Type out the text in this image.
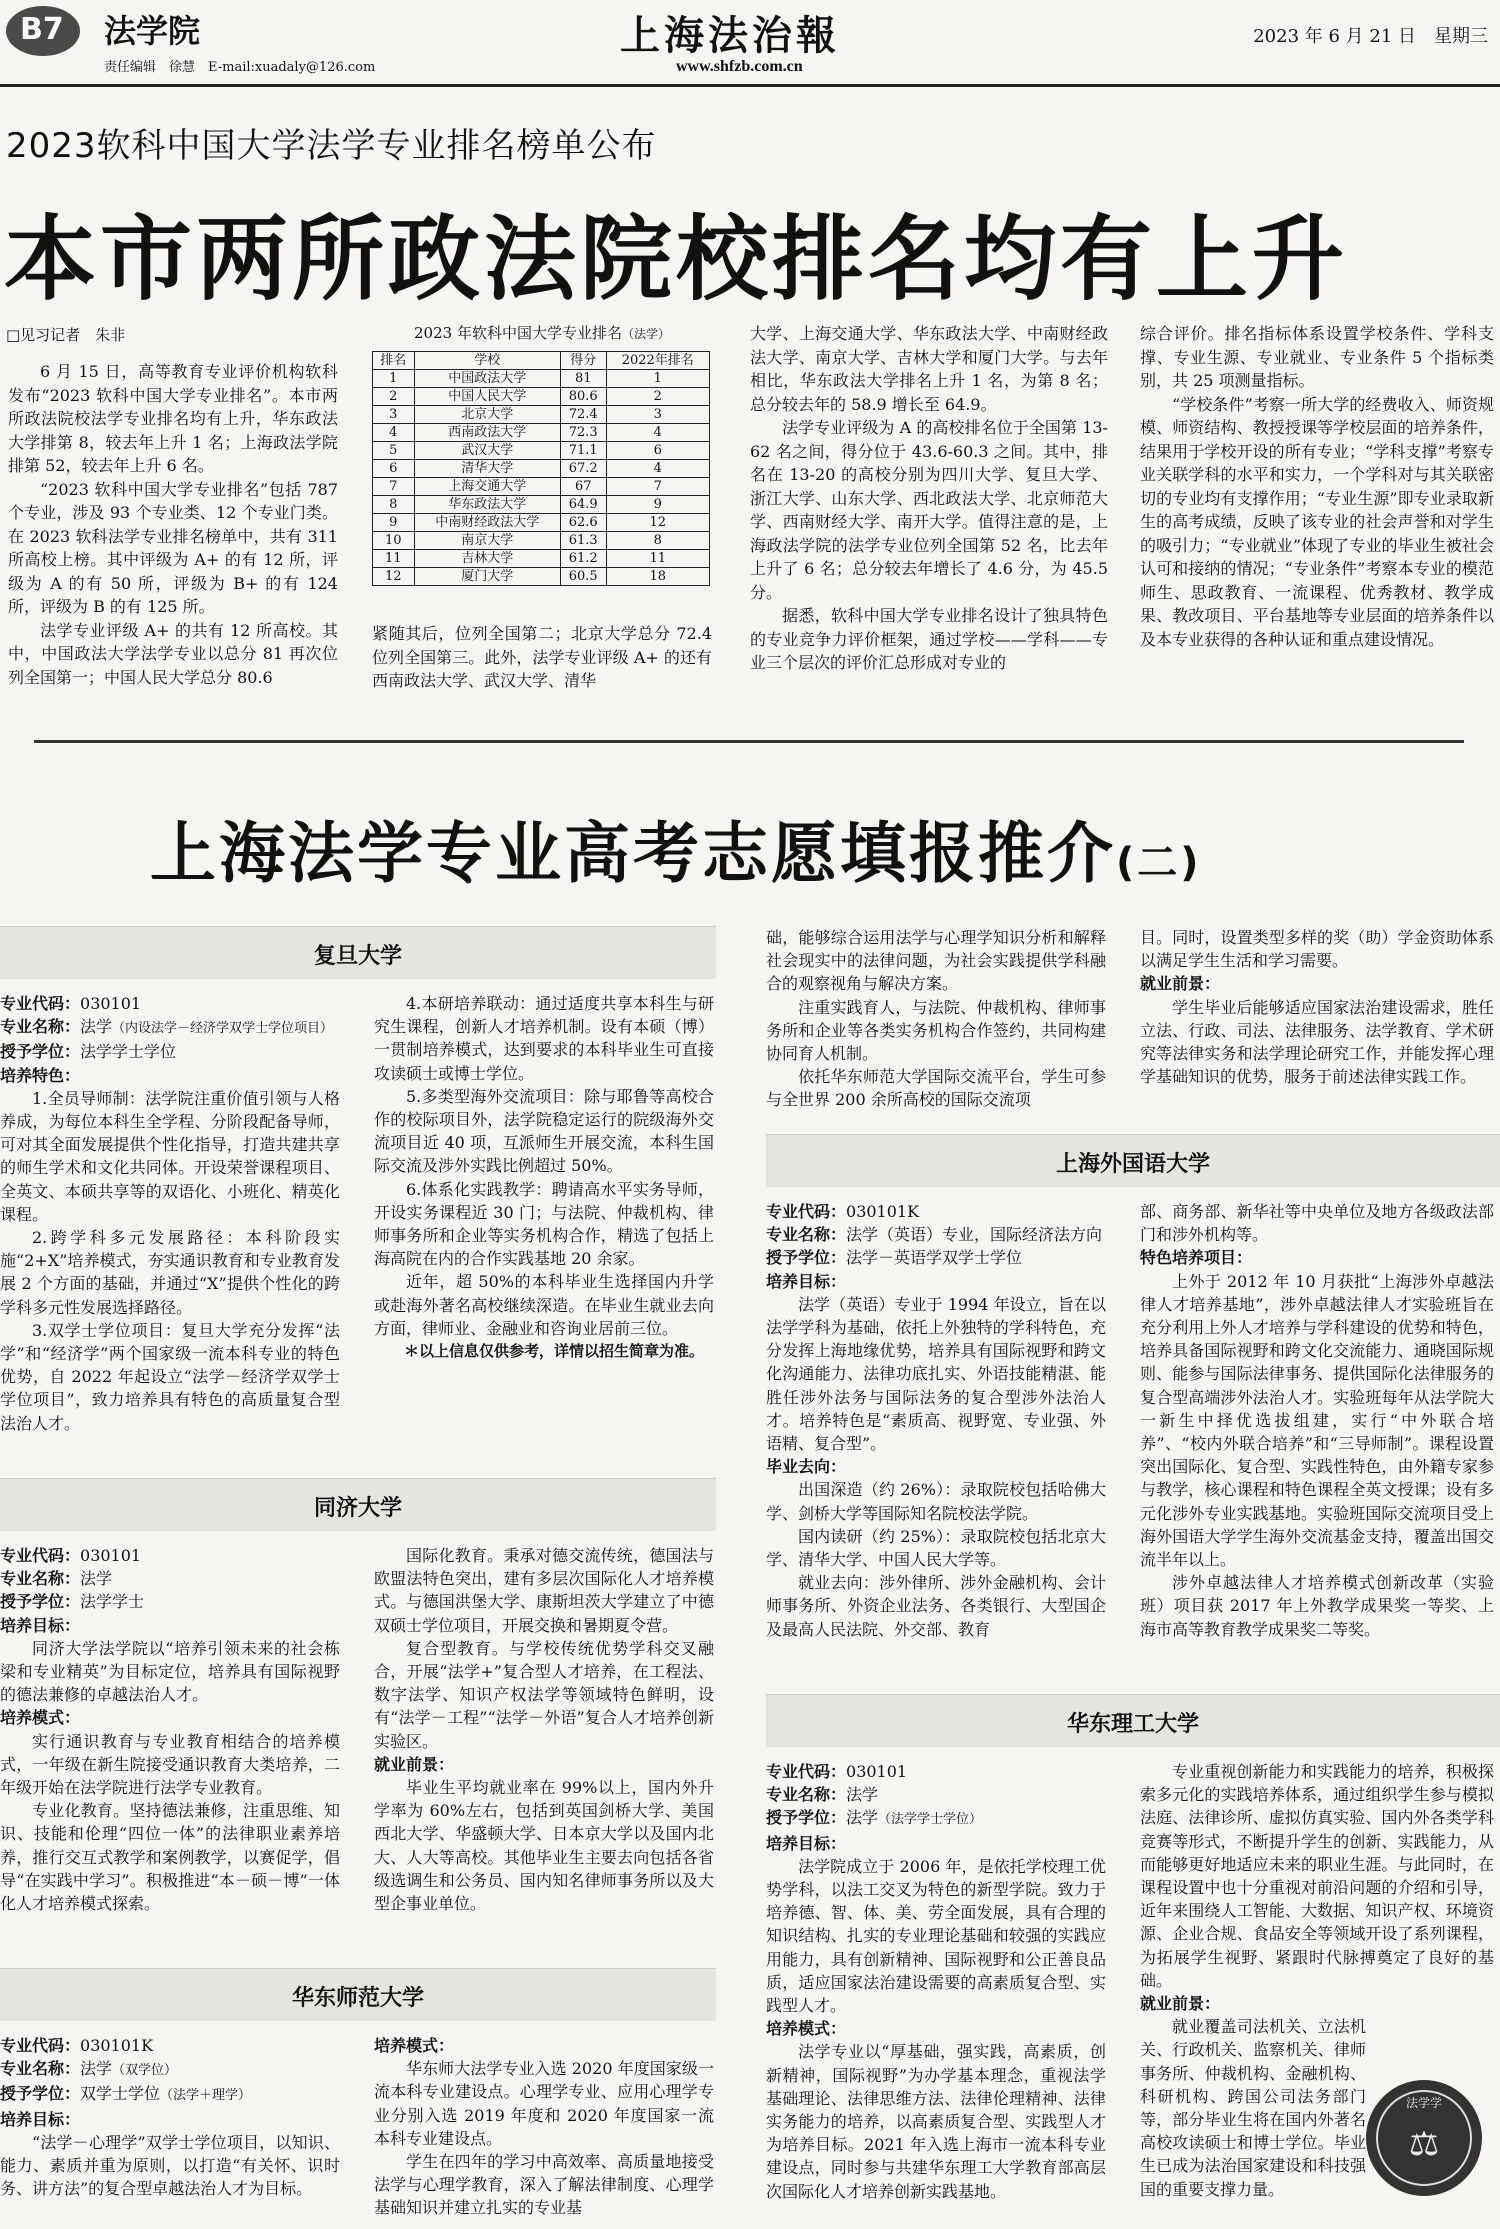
B7 法学院
责任编辑　徐慧　E-mail:xuadaly@126.com
上海法治報
www.shfzb.com.cn
2023 年 6 月 21 日　星期三
2023软科中国大学法学专业排名榜单公布
本市两所政法院校排名均有上升
□见习记者　朱非

6 月 15 日，高等教育专业评价机构软科发布“2023 软科中国大学专业排名”。本市两所政法院校法学专业排名均有上升，华东政法大学排第 8，较去年上升 1 名；上海政法学院排第 52，较去年上升 6 名。

“2023 软科中国大学专业排名”包括 787 个专业，涉及 93 个专业类、12 个专业门类。在 2023 软科法学专业排名榜单中，共有 311 所高校上榜。其中评级为 A+ 的有 12 所，评级为 A 的有 50 所，评级为 B+ 的有 124 所，评级为 B 的有 125 所。

法学专业评级 A+ 的共有 12 所高校。其中，中国政法大学法学专业以总分 81 再次位列全国第一；中国人民大学总分 80.6

2023 年软科中国大学专业排名（法学）
排名	学校	得分	2022年排名
1	中国政法大学	81	1
2	中国人民大学	80.6	2
3	北京大学	72.4	3
4	西南政法大学	72.3	4
5	武汉大学	71.1	6
6	清华大学	67.2	4
7	上海交通大学	67	7
8	华东政法大学	64.9	9
9	中南财经政法大学	62.6	12
10	南京大学	61.3	8
11	吉林大学	61.2	11
12	厦门大学	60.5	18

紧随其后，位列全国第二；北京大学总分 72.4 位列全国第三。此外，法学专业评级 A+ 的还有西南政法大学、武汉大学、清华

大学、上海交通大学、华东政法大学、中南财经政法大学、南京大学、吉林大学和厦门大学。与去年相比，华东政法大学排名上升 1 名，为第 8 名；总分较去年的 58.9 增长至 64.9。

法学专业评级为 A 的高校排名位于全国第 13-62 名之间，得分位于 43.6-60.3 之间。其中，排名在 13-20 的高校分别为四川大学、复旦大学、浙江大学、山东大学、西北政法大学、北京师范大学、西南财经大学、南开大学。值得注意的是，上海政法学院的法学专业位列全国第 52 名，比去年上升了 6 名；总分较去年增长了 4.6 分，为 45.5 分。

据悉，软科中国大学专业排名设计了独具特色的专业竞争力评价框架，通过学校——学科——专业三个层次的评价汇总形成对专业的

综合评价。排名指标体系设置学校条件、学科支撑、专业生源、专业就业、专业条件 5 个指标类别，共 25 项测量指标。

“学校条件”考察一所大学的经费收入、师资规模、师资结构、教授授课等学校层面的培养条件，结果用于学校开设的所有专业；“学科支撑”考察专业关联学科的水平和实力，一个学科对与其关联密切的专业均有支撑作用；“专业生源”即专业录取新生的高考成绩，反映了该专业的社会声誉和对学生的吸引力；“专业就业”体现了专业的毕业生被社会认可和接纳的情况；“专业条件”考察本专业的模范师生、思政教育、一流课程、优秀教材、教学成果、教改项目、平台基地等专业层面的培养条件以及本专业获得的各种认证和重点建设情况。

上海法学专业高考志愿填报推介(二)
复旦大学

专业代码：030101

专业名称：法学（内设法学－经济学双学士学位项目）

授予学位：法学学士学位

培养特色：

1.全员导师制：法学院注重价值引领与人格养成，为每位本科生全学程、分阶段配备导师，可对其全面发展提供个性化指导，打造共建共享的师生学术和文化共同体。开设荣誉课程项目、全英文、本硕共享等的双语化、小班化、精英化课程。

2.跨学科多元发展路径：本科阶段实施“2+X”培养模式，夯实通识教育和专业教育发展 2 个方面的基础，并通过“X”提供个性化的跨学科多元性发展选择路径。

3.双学士学位项目：复旦大学充分发挥“法学”和“经济学”两个国家级一流本科专业的特色优势，自 2022 年起设立“法学－经济学双学士学位项目”，致力培养具有特色的高质量复合型法治人才。

4.本研培养联动：通过适度共享本科生与研究生课程，创新人才培养机制。设有本硕（博）一贯制培养模式，达到要求的本科毕业生可直接攻读硕士或博士学位。

5.多类型海外交流项目：除与耶鲁等高校合作的校际项目外，法学院稳定运行的院级海外交流项目近 40 项，互派师生开展交流，本科生国际交流及涉外实践比例超过 50%。

6.体系化实践教学：聘请高水平实务导师，开设实务课程近 30 门；与法院、仲裁机构、律师事务所和企业等实务机构合作，精选了包括上海高院在内的合作实践基地 20 余家。

近年，超 50%的本科毕业生选择国内升学或赴海外著名高校继续深造。在毕业生就业去向方面，律师业、金融业和咨询业居前三位。

＊以上信息仅供参考，详情以招生简章为准。

同济大学

专业代码：030101

专业名称：法学

授予学位：法学学士

培养目标：

同济大学法学院以“培养引领未来的社会栋梁和专业精英”为目标定位，培养具有国际视野的德法兼修的卓越法治人才。

培养模式：

实行通识教育与专业教育相结合的培养模式，一年级在新生院接受通识教育大类培养，二年级开始在法学院进行法学专业教育。

专业化教育。坚持德法兼修，注重思维、知识、技能和伦理“四位一体”的法律职业素养培养，推行交互式教学和案例教学，以赛促学，倡导“在实践中学习”。积极推进“本－硕－博”一体化人才培养模式探索。

国际化教育。秉承对德交流传统，德国法与欧盟法特色突出，建有多层次国际化人才培养模式。与德国洪堡大学、康斯坦茨大学建立了中德双硕士学位项目，开展交换和暑期夏令营。

复合型教育。与学校传统优势学科交叉融合，开展“法学+”复合型人才培养，在工程法、数字法学、知识产权法学等领域特色鲜明，设有“法学－工程”“法学－外语”复合人才培养创新实验区。

就业前景：

毕业生平均就业率在 99%以上，国内外升学率为 60%左右，包括到英国剑桥大学、美国西北大学、华盛顿大学、日本京大学以及国内北大、人大等高校。其他毕业生主要去向包括各省级选调生和公务员、国内知名律师事务所以及大型企事业单位。

华东师范大学

专业代码：030101K

专业名称：法学（双学位）

授予学位：双学士学位（法学＋理学）

培养目标：

“法学－心理学”双学士学位项目，以知识、能力、素质并重为原则，以打造“有关怀、识时务、讲方法”的复合型卓越法治人才为目标。

培养模式：

华东师大法学专业入选 2020 年度国家级一流本科专业建设点。心理学专业、应用心理学专业分别入选 2019 年度和 2020 年度国家一流本科专业建设点。

学生在四年的学习中高效率、高质量地接受法学与心理学教育，深入了解法律制度、心理学基础知识并建立扎实的专业基

础，能够综合运用法学与心理学知识分析和解释社会现实中的法律问题，为社会实践提供学科融合的观察视角与解决方案。

注重实践育人，与法院、仲裁机构、律师事务所和企业等各类实务机构合作签约，共同构建协同育人机制。

依托华东师范大学国际交流平台，学生可参与全世界 200 余所高校的国际交流项

目。同时，设置类型多样的奖（助）学金资助体系以满足学生生活和学习需要。

就业前景：

学生毕业后能够适应国家法治建设需求，胜任立法、行政、司法、法律服务、法学教育、学术研究等法律实务和法学理论研究工作，并能发挥心理学基础知识的优势，服务于前述法律实践工作。

上海外国语大学

专业代码：030101K

专业名称：法学（英语）专业，国际经济法方向

授予学位：法学－英语学双学士学位

培养目标：

法学（英语）专业于 1994 年设立，旨在以法学学科为基础，依托上外独特的学科特色，充分发挥上海地缘优势，培养具有国际视野和跨文化沟通能力、法律功底扎实、外语技能精湛、能胜任涉外法务与国际法务的复合型涉外法治人才。培养特色是“素质高、视野宽、专业强、外语精、复合型”。

毕业去向：

出国深造（约 26%）：录取院校包括哈佛大学、剑桥大学等国际知名院校法学院。

国内读研（约 25%）：录取院校包括北京大学、清华大学、中国人民大学等。

就业去向：涉外律所、涉外金融机构、会计师事务所、外资企业法务、各类银行、大型国企及最高人民法院、外交部、教育

部、商务部、新华社等中央单位及地方各级政法部门和涉外机构等。

特色培养项目：

上外于 2012 年 10 月获批“上海涉外卓越法律人才培养基地”，涉外卓越法律人才实验班旨在充分利用上外人才培养与学科建设的优势和特色，培养具备国际视野和跨文化交流能力、通晓国际规则、能参与国际法律事务、提供国际化法律服务的复合型高端涉外法治人才。实验班每年从法学院大一新生中择优选拔组建，实行“中外联合培养”、“校内外联合培养”和“三导师制”。课程设置突出国际化、复合型、实践性特色，由外籍专家参与教学，核心课程和特色课程全英文授课；设有多元化涉外专业实践基地。实验班国际交流项目受上海外国语大学学生海外交流基金支持，覆盖出国交流半年以上。

涉外卓越法律人才培养模式创新改革（实验班）项目获 2017 年上外教学成果奖一等奖、上海市高等教育教学成果奖二等奖。

华东理工大学

专业代码：030101

专业名称：法学

授予学位：法学（法学学士学位）

培养目标：

法学院成立于 2006 年，是依托学校理工优势学科，以法工交叉为特色的新型学院。致力于培养德、智、体、美、劳全面发展，具有合理的知识结构、扎实的专业理论基础和较强的实践应用能力，具有创新精神、国际视野和公正善良品质，适应国家法治建设需要的高素质复合型、实践型人才。

培养模式：

法学专业以“厚基础，强实践，高素质，创新精神，国际视野”为办学基本理念，重视法学基础理论、法律思维方法、法律伦理精神、法律实务能力的培养，以高素质复合型、实践型人才为培养目标。2021 年入选上海市一流本科专业建设点，同时参与共建华东理工大学教育部高层次国际化人才培养创新实践基地。

专业重视创新能力和实践能力的培养，积极探索多元化的实践培养体系，通过组织学生参与模拟法庭、法律诊所、虚拟仿真实验、国内外各类学科竞赛等形式，不断提升学生的创新、实践能力，从而能够更好地适应未来的职业生涯。与此同时，在课程设置中也十分重视对前沿问题的介绍和引导，近年来围绕人工智能、大数据、知识产权、环境资源、企业合规、食品安全等领域开设了系列课程，为拓展学生视野、紧跟时代脉搏奠定了良好的基础。

就业前景：

就业覆盖司法机关、立法机关、行政机关、监察机关、律师事务所、仲裁机构、金融机构、科研机构、跨国公司法务部门等，部分毕业生将在国内外著名高校攻读硕士和博士学位。毕业生已成为法治国家建设和科技强国的重要支撑力量。

法学学
⚖
